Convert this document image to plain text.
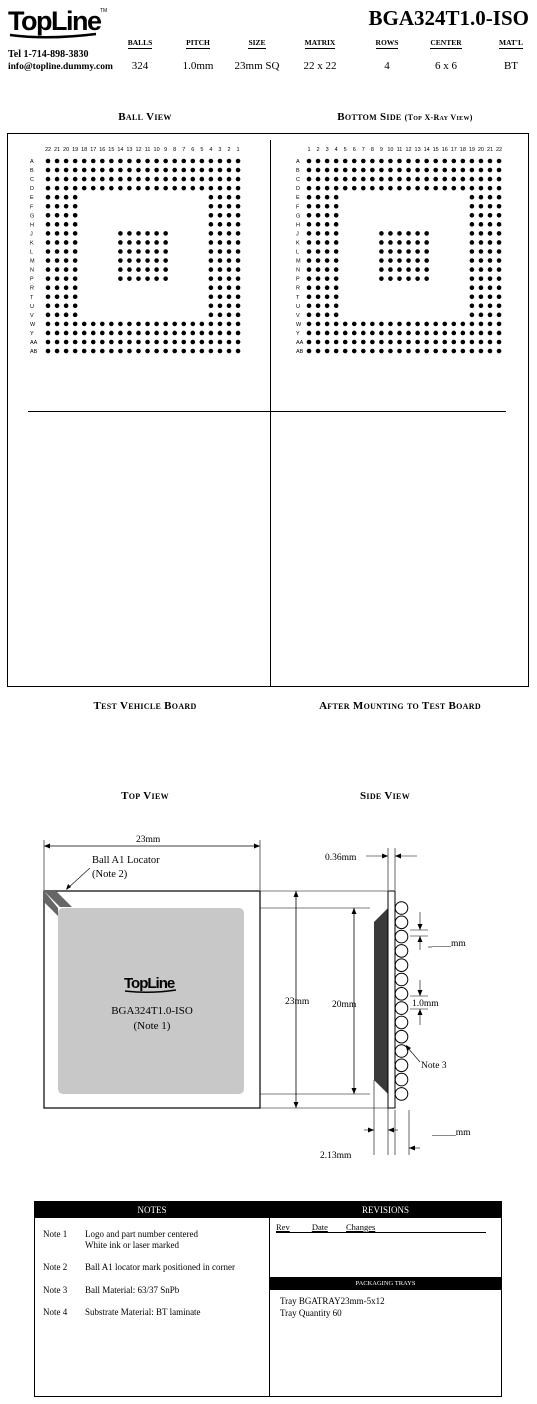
TopLine TM	BGA324T1.0-ISO
Tel 1-714-898-3830
info@topline.dummy.com
BALLS
324
PITCH
1.0mm
SIZE
23mm SQ
MATRIX
22 x 22
ROWS
4
CENTER
6 x 6
MAT'L
BT
Ball View	Bottom Side (Top X-Ray View)
22 21 20 19 18 17 16 15 14 13 12 11 10 9 8 7 6 5 4 3 2 1
A
B
C
D
E
F
G
H
J
K
L
M
N
P
R
T
U
V
W
Y
AA
AB
1 2 3 4 5 6 7 8 9 10 11 12 13 14 15 16 17 18 19 20 21 22
A
B
C
D
E
F
G
H
J
K
L
M
N
P
R
T
U
V
W
Y
AA
AB
Test Vehicle Board	After Mounting to Test Board
Top View	Side View
23mm
Ball A1 Locator
(Note 2)
TopLine
BGA324T1.0-ISO
(Note 1)
23mm 20mm
0.36mm
____mm
1.0mm
Note 3
2.13mm
_____mm
NOTES
Note 1 Logo and part number centered
White ink or laser marked
Note 2 Ball A1 locator mark positioned in corner
Note 3 Ball Material: 63/37 SnPb
Note 4 Substrate Material: BT laminate
REVISIONS
Rev	Date Changes
PACKAGING TRAYS
Tray BGATRAY23mm-5x12
Tray Quantity 60
